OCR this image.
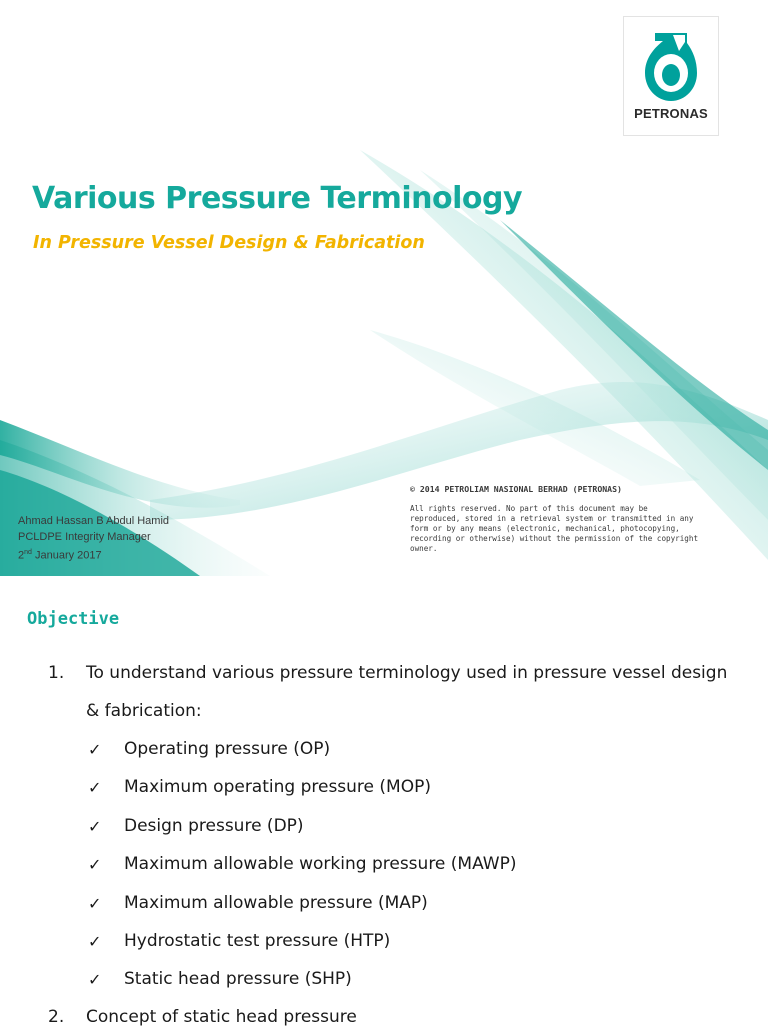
PETRONAS
Various Pressure Terminology
In Pressure Vessel Design & Fabrication
Ahmad Hassan B Abdul Hamid
PCLDPE Integrity Manager
2nd January 2017
© 2014 PETROLIAM NASIONAL BERHAD (PETRONAS)
All rights reserved. No part of this document may be
reproduced, stored in a retrieval system or transmitted in any
form or by any means (electronic, mechanical, photocopying,
recording or otherwise) without the permission of the copyright
owner.
Objective
1. To understand various pressure terminology used in pressure vessel design
& fabrication:
✓ Operating pressure (OP)
✓ Maximum operating pressure (MOP)
✓ Design pressure (DP)
✓ Maximum allowable working pressure (MAWP)
✓ Maximum allowable pressure (MAP)
✓ Hydrostatic test pressure (HTP)
✓ Static head pressure (SHP)
2. Concept of static head pressure
